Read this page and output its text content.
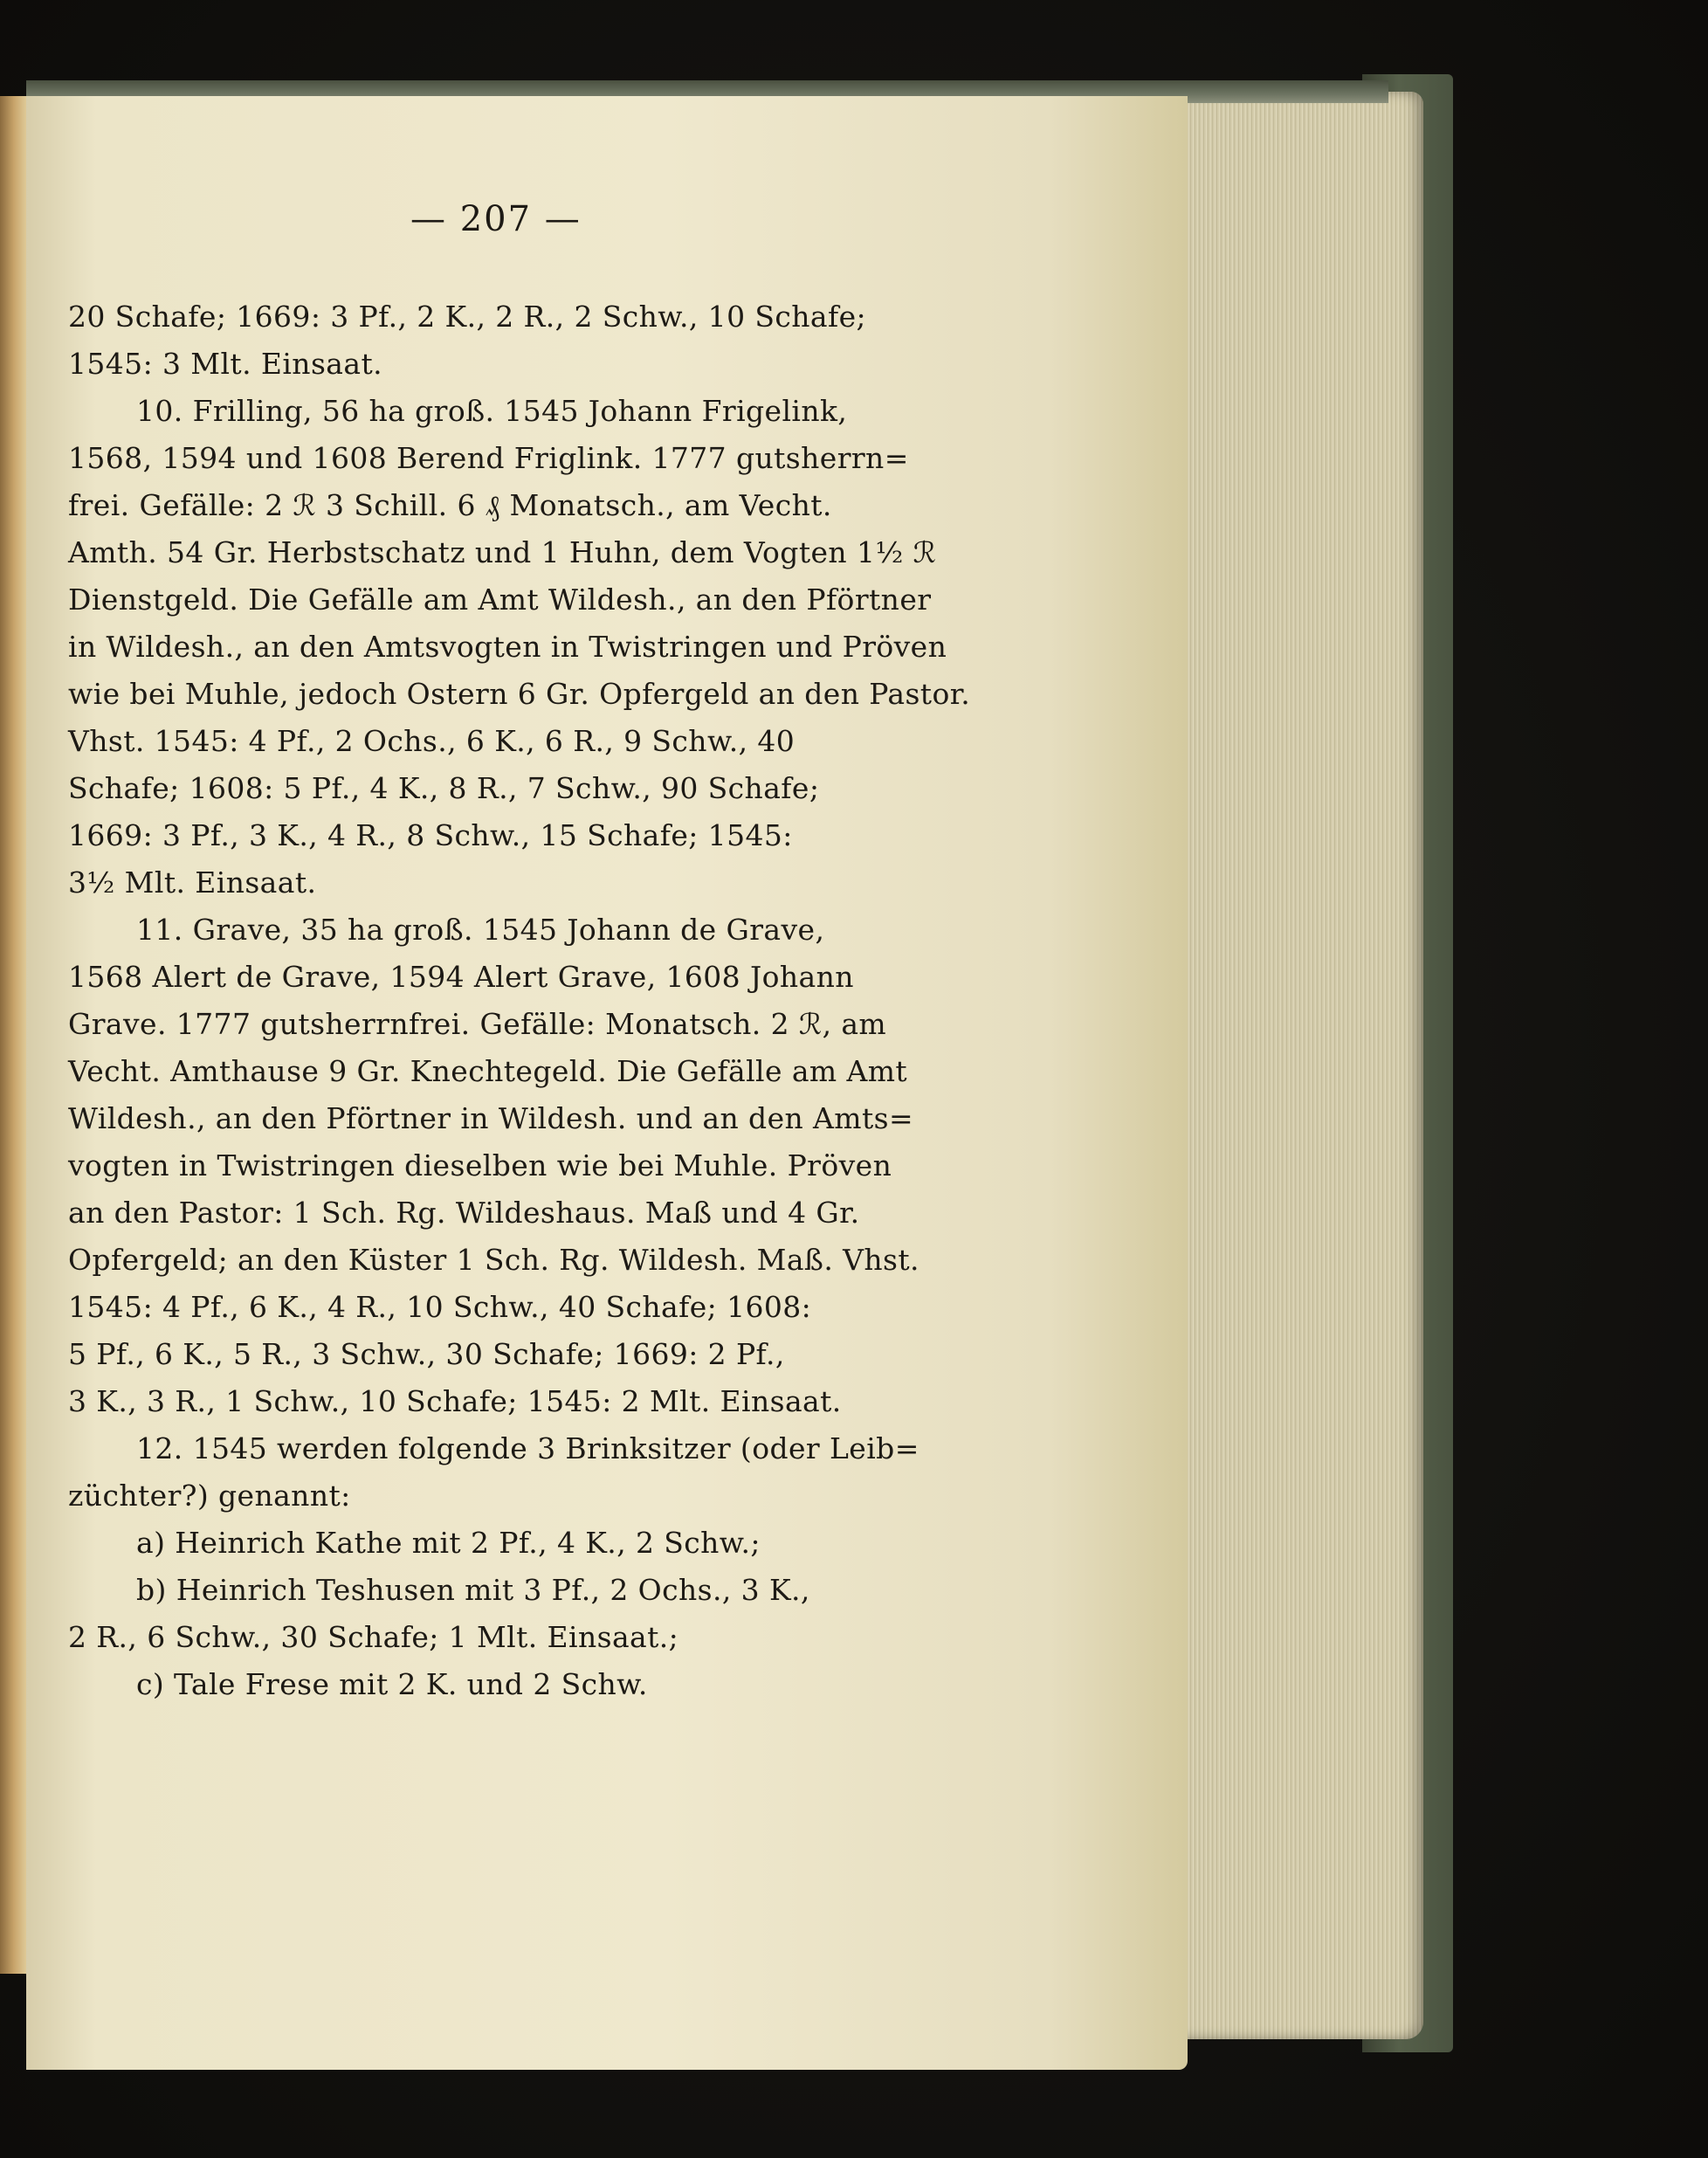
— 207 —
20 Schafe; 1669: 3 Pf., 2 K., 2 R., 2 Schw., 10 Schafe;
1545: 3 Mlt. Einsaat.
10. Frilling, 56 ha groß. 1545 Johann Frigelink,
1568, 1594 und 1608 Berend Friglink. 1777 gutsherrn=
frei. Gefälle: 2 ℛ 3 Schill. 6 ₰ Monatsch., am Vecht.
Amth. 54 Gr. Herbstschatz und 1 Huhn, dem Vogten 1½ ℛ
Dienstgeld. Die Gefälle am Amt Wildesh., an den Pförtner
in Wildesh., an den Amtsvogten in Twistringen und Pröven
wie bei Muhle, jedoch Ostern 6 Gr. Opfergeld an den Pastor.
Vhst. 1545: 4 Pf., 2 Ochs., 6 K., 6 R., 9 Schw., 40
Schafe; 1608: 5 Pf., 4 K., 8 R., 7 Schw., 90 Schafe;
1669: 3 Pf., 3 K., 4 R., 8 Schw., 15 Schafe; 1545:
3½ Mlt. Einsaat.
11. Grave, 35 ha groß. 1545 Johann de Grave,
1568 Alert de Grave, 1594 Alert Grave, 1608 Johann
Grave. 1777 gutsherrnfrei. Gefälle: Monatsch. 2 ℛ, am
Vecht. Amthause 9 Gr. Knechtegeld. Die Gefälle am Amt
Wildesh., an den Pförtner in Wildesh. und an den Amts=
vogten in Twistringen dieselben wie bei Muhle. Pröven
an den Pastor: 1 Sch. Rg. Wildeshaus. Maß und 4 Gr.
Opfergeld; an den Küster 1 Sch. Rg. Wildesh. Maß. Vhst.
1545: 4 Pf., 6 K., 4 R., 10 Schw., 40 Schafe; 1608:
5 Pf., 6 K., 5 R., 3 Schw., 30 Schafe; 1669: 2 Pf.,
3 K., 3 R., 1 Schw., 10 Schafe; 1545: 2 Mlt. Einsaat.
12. 1545 werden folgende 3 Brinksitzer (oder Leib=
züchter?) genannt:
a) Heinrich Kathe mit 2 Pf., 4 K., 2 Schw.;
b) Heinrich Teshusen mit 3 Pf., 2 Ochs., 3 K.,
2 R., 6 Schw., 30 Schafe; 1 Mlt. Einsaat.;
c) Tale Frese mit 2 K. und 2 Schw.
